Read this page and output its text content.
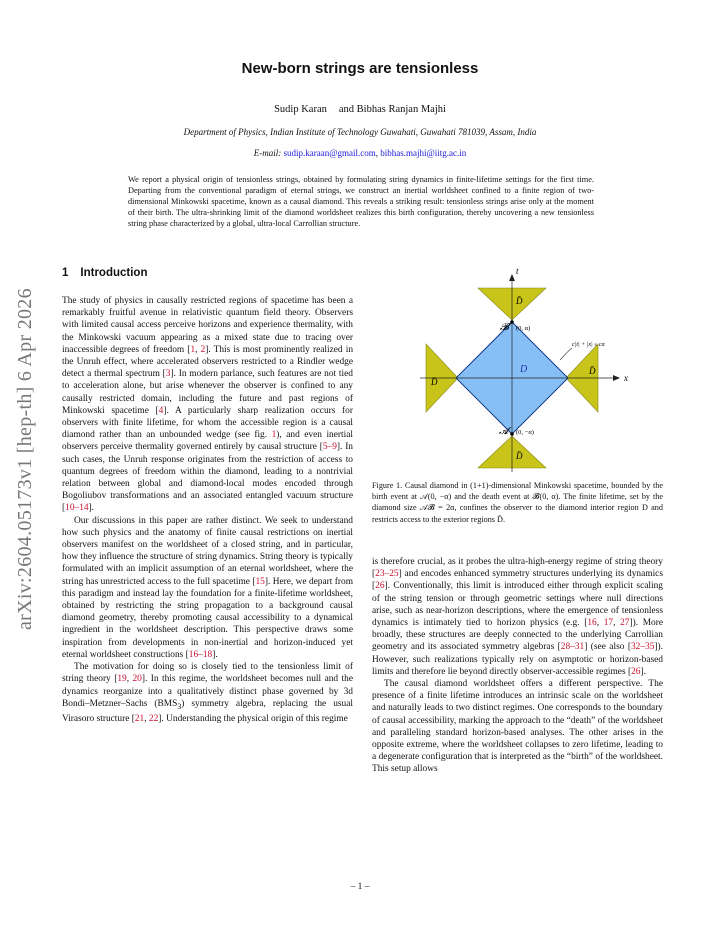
arXiv:2604.05173v1 [hep-th] 6 Apr 2026
New-born strings are tensionless
Sudip Karan and Bibhas Ranjan Majhi
Department of Physics, Indian Institute of Technology Guwahati, Guwahati 781039, Assam, India
E-mail: sudip.karaan@gmail.com, bibhas.majhi@iitg.ac.in
We report a physical origin of tensionless strings, obtained by formulating string dynamics in finite-lifetime settings for the first time. Departing from the conventional paradigm of eternal strings, we construct an inertial worldsheet confined to a finite region of two-dimensional Minkowski spacetime, known as a causal diamond. This reveals a striking result: tensionless strings arise only at the moment of their birth. The ultra-shrinking limit of the diamond worldsheet realizes this birth configuration, thereby uncovering a new tensionless string phase characterized by a global, ultra-local Carrollian structure.
1 Introduction

The study of physics in causally restricted regions of spacetime has been a remarkably fruitful avenue in relativistic quantum field theory. Observers with limited causal access perceive horizons and experience thermality, with the Minkowski vacuum appearing as a mixed state due to tracing over inaccessible degrees of freedom [1, 2]. This is most prominently realized in the Unruh effect, where accelerated observers restricted to a Rindler wedge detect a thermal spectrum [3]. In modern parlance, such features are not tied to acceleration alone, but arise whenever the observer is confined to any causally restricted domain, including the future and past regions of Minkowski spacetime [4]. A particularly sharp realization occurs for observers with finite lifetime, for whom the accessible region is a causal diamond rather than an unbounded wedge (see fig. 1), and even inertial observers perceive thermality governed entirely by causal structure [5–9]. In such cases, the Unruh response originates from the restriction of access to quantum degrees of freedom within the diamond, leading to a nontrivial relation between global and diamond-local modes encoded through Bogoliubov transformations and an associated entangled vacuum structure [10–14].

Our discussions in this paper are rather distinct. We seek to understand how such physics and the anatomy of finite causal restrictions on inertial observers manifest on the worldsheet of a closed string, and in particular, how they influence the structure of string dynamics. String theory is typically formulated with an implicit assumption of an eternal worldsheet, where the string has unrestricted access to the full spacetime [15]. Here, we depart from this paradigm and instead lay the foundation for a finite-lifetime worldsheet, obtained by restricting the string propagation to a background causal diamond geometry, thereby promoting causal accessibility to a dynamical ingredient in the worldsheet description. This perspective draws some inspiration from developments in non-inertial and horizon-induced yet eternal worldsheet constructions [16–18].

The motivation for doing so is closely tied to the tensionless limit of string theory [19, 20]. In this regime, the worldsheet becomes null and the dynamics reorganize into a qualitatively distinct phase governed by 3d Bondi–Metzner–Sachs $(BMS_3)$ symmetry algebra, replacing the usual Virasoro structure [21, 22]. Understanding the physical origin of this regime

t
x
𝓑
𝓐
(0, α)
(0, −α)
D
D̄
D̄
D̄
D̄
c|t| + |x| ≤ cα
Figure 1. Causal diamond in (1+1)-dimensional Minkowski spacetime, bounded by the birth event at 𝒜(0, −α) and the death event at 𝓑(0, α). The finite lifetime, set by the diamond size 𝒜𝓑 = 2α, confines the observer to the diamond interior region D and restricts access to the exterior regions D̄.

is therefore crucial, as it probes the ultra-high-energy regime of string theory [23–25] and encodes enhanced symmetry structures underlying its dynamics [26]. Conventionally, this limit is introduced either through explicit scaling of the string tension or through geometric settings where null directions arise, such as near-horizon descriptions, where the emergence of tensionless dynamics is intimately tied to horizon physics (e.g. [16, 17, 27]). More broadly, these structures are deeply connected to the underlying Carrollian geometry and its associated symmetry algebras [28–31] (see also [32–35]). However, such realizations typically rely on asymptotic or horizon-based limits and therefore lie beyond directly observer-accessible regimes [26].

The causal diamond worldsheet offers a different perspective. The presence of a finite lifetime introduces an intrinsic scale on the worldsheet and naturally leads to two distinct regimes. One corresponds to the boundary of causal accessibility, marking the approach to the “death” of the worldsheet and paralleling standard horizon-based analyses. The other arises in the opposite extreme, where the worldsheet collapses to zero lifetime, leading to a degenerate configuration that is interpreted as the “birth” of the worldsheet. This setup allows

– 1 –
